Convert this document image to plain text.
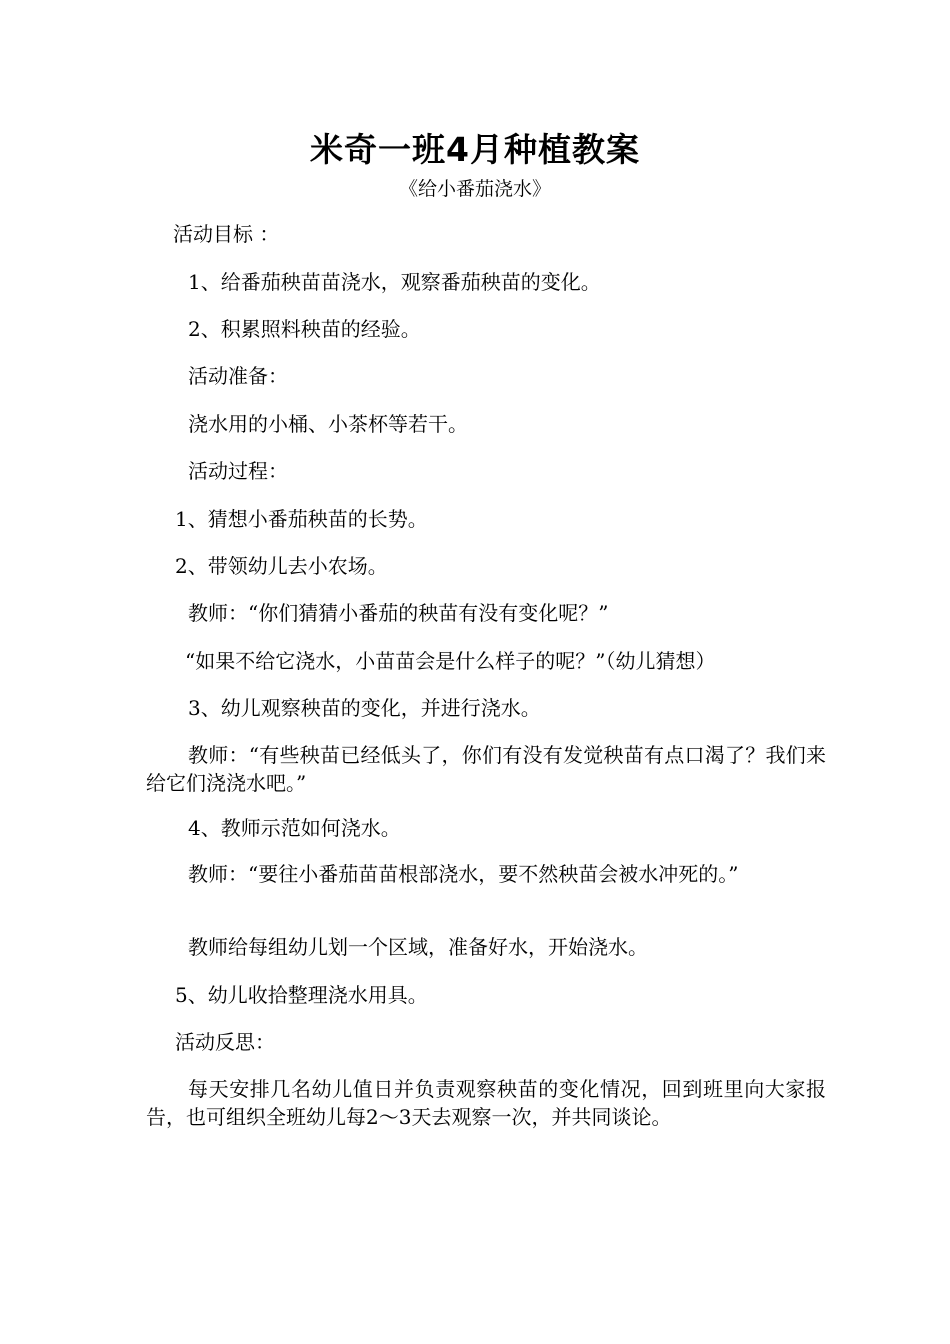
米奇一班4月种植教案
《给小番茄浇水》
活动目标 ：
1、给番茄秧苗苗浇水，观察番茄秧苗的变化。
2、积累照料秧苗的经验。
活动准备：
浇水用的小桶、小茶杯等若干。
活动过程：
1、猜想小番茄秧苗的长势。
2、带领幼儿去小农场。
教师：“你们猜猜小番茄的秧苗有没有变化呢？”
“如果不给它浇水，小苗苗会是什么样子的呢？”（幼儿猜想）
3、幼儿观察秧苗的变化，并进行浇水。
教师：“有些秧苗已经低头了，你们有没有发觉秧苗有点口渴了？我们来给它们浇浇水吧。”
4、教师示范如何浇水。
教师：“要往小番茄苗苗根部浇水，要不然秧苗会被水冲死的。”
教师给每组幼儿划一个区域，准备好水，开始浇水。
5、幼儿收拾整理浇水用具。
活动反思：
每天安排几名幼儿值日并负责观察秧苗的变化情况，回到班里向大家报告，也可组织全班幼儿每2～3天去观察一次，并共同谈论。
